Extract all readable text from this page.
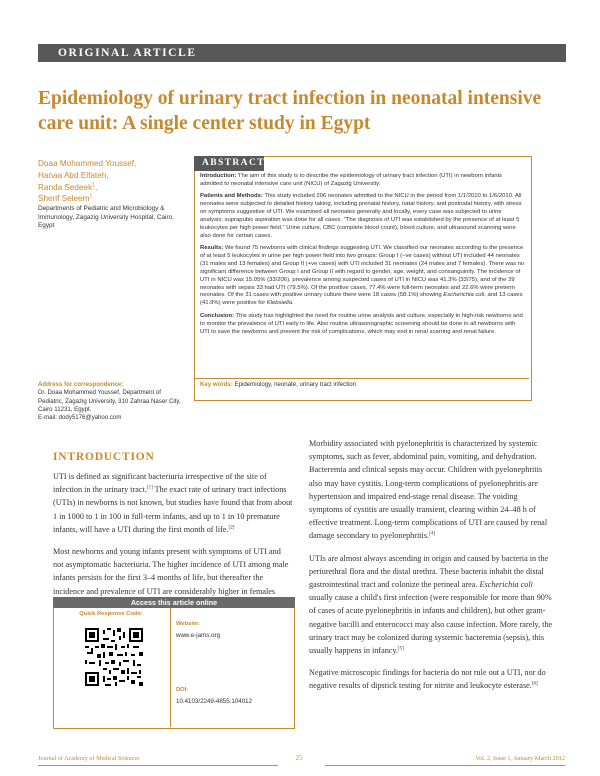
ORIGINAL ARTICLE
Epidemiology of urinary tract infection in neonatal intensive care unit: A single center study in Egypt
Doaa Mohammed Youssef,
Hanaa Abd Elfateh,
Randa Sedeek$^1$,
Sherif Seleem$^1$
Departments of Pediatric and Microbiology & Immunology, Zagazig University Hospital, Cairo, Egypt
ABSTRACT

Introduction: The aim of this study is to describe the epidemiology of urinary tract infection (UTI) in newborn infants admitted to neonatal intensive care unit (NICU) of Zagazig University.

Patients and Methods: This study included 206 neonates admitted to the NICU in the period from 1/1/2010 to 1/6/2010. All neonates were subjected to detailed history taking, including prenatal history, natal history, and postnatal history, with stress on symptoms suggestive of UTI. We examined all neonates generally and locally, every case was subjected to urine analysis; suprapubic aspiration was done for all cases. "The diagnosis of UTI was established by the presence of at least 5 leukocytes per high power field." Urine culture, CBC (complete blood count), blood culture, and ultrasound scanning were also done for certain cases.

Results: We found 75 newborns with clinical findings suggesting UTI. We classified our neonates according to the presence of at least 5 leukocytes in urine per high power field into two groups: Group I (−ve cases) without UTI included 44 neonates (31 males and 13 females) and Group II (+ve cases) with UTI included 31 neonates (24 males and 7 females). There was no significant difference between Group I and Group II with regard to gender, age, weight, and consanguinity. The incidence of UTI in NICU was 15.05% (33/206), prevalence among suspected cases of UTI in NICU was 41.3% (33/75), and of the 39 neonates with sepsis 33 had UTI (79.5%). Of the positive cases, 77.4% were full-term neonates and 22.6% were preterm neonates. Of the 31 cases with positive urinary culture there were 18 cases (58.1%) showing Escherichia coli, and 13 cases (41.9%) were positive for Klebsiella.

Conclusion: This study has highlighted the need for routine urine analysis and culture, especially in high-risk newborns and to monitor the prevalence of UTI early in life. Also routine ultrasonographic screening should be done in all newborns with UTI to save the newborns and prevent the risk of complications, which may end in renal scarring and renal failure.

Key words: Epidemiology, neonate, urinary tract infection
Address for correspondence:
Dr. Doaa Mohammed Youssef, Department of Pediatric, Zagazig University, 310 Zahraa Naser City, Cairo 11231, Egypt.
E-mail: dody5176@yahoo.com
INTRODUCTION

UTI is defined as significant bacteriuria irrespective of the site of infection in the urinary tract.[1] The exact rate of urinary tract infections (UTIs) in newborns is not known, but studies have found that from about 1 in 1000 to 1 in 100 in full-term infants, and up to 1 in 10 premature infants, will have a UTI during the first month of life.[2]

Most newborns and young infants present with symptoms of UTI and not asymptomatic bacteriuria. The higher incidence of UTI among male infants persists for the first 3–4 months of life, but thereafter the incidence and prevalence of UTI are considerably higher in females

Access this article online
Quick Response Code:
Website:
www.e-jams.org
DOI:
10.4103/2249-4855.104012

Morbidity associated with pyelonephritis is characterized by systemic symptoms, such as fever, abdominal pain, vomiting, and dehydration. Bacteremia and clinical sepsis may occur. Children with pyelonephritis also may have cystitis. Long-term complications of pyelonephritis are hypertension and impaired end-stage renal disease. The voiding symptoms of cystitis are usually transient, clearing within 24–48 h of effective treatment. Long-term complications of UTI are caused by renal damage secondary to pyelonephritis.[4]

UTIs are almost always ascending in origin and caused by bacteria in the periurethral flora and the distal urethra. These bacteria inhabit the distal gastrointestinal tract and colonize the perineal area. Escherichia coli usually cause a child's first infection (were responsible for more than 90% of cases of acute pyelonephritis in infants and children), but other gram-negative bacilli and enterococci may also cause infection. More rarely, the urinary tract may be colonized during systemic bacteremia (sepsis), this usually happens in infancy.[5]

Negative microscopic findings for bacteria do not rule out a UTI, nor do negative results of dipstick testing for nitrite and leukocyte esterase.[6]

Journal of Academy of Medical Sciences	25	Vol. 2, Issue 1, January-March 2012
